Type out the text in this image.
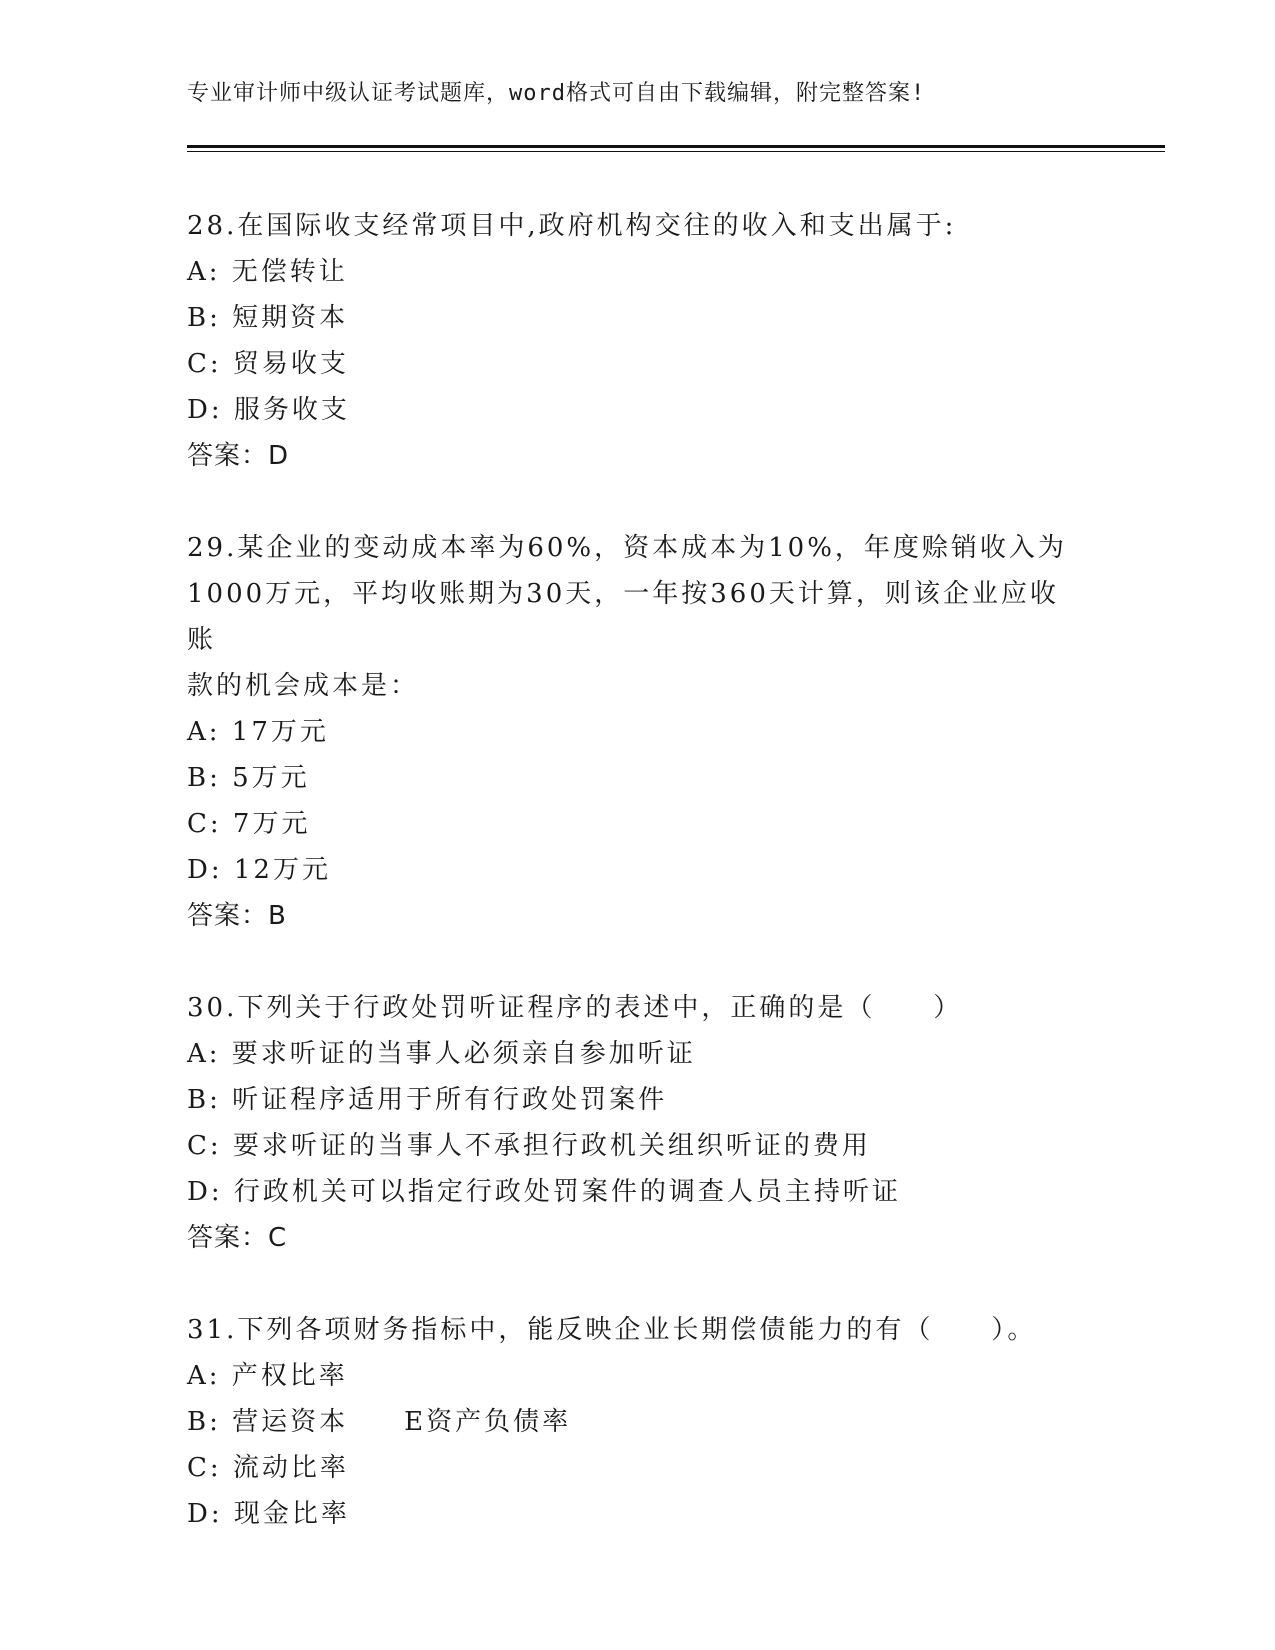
专业审计师中级认证考试题库，word格式可自由下载编辑，附完整答案!
28.在国际收支经常项目中,政府机构交往的收入和支出属于:
A: 无偿转让
B: 短期资本
C: 贸易收支
D: 服务收支
答案：D
29.某企业的变动成本率为60%，资本成本为10%，年度赊销收入为
1000万元，平均收账期为30天，一年按360天计算，则该企业应收账
款的机会成本是：
A: 17万元
B: 5万元
C: 7万元
D: 12万元
答案：B
30.下列关于行政处罚听证程序的表述中，正确的是（　　）
A: 要求听证的当事人必须亲自参加听证
B: 听证程序适用于所有行政处罚案件
C: 要求听证的当事人不承担行政机关组织听证的费用
D: 行政机关可以指定行政处罚案件的调查人员主持听证
答案：C
31.下列各项财务指标中，能反映企业长期偿债能力的有（　　）。
A: 产权比率
B: 营运资本 E资产负债率
C: 流动比率
D: 现金比率
